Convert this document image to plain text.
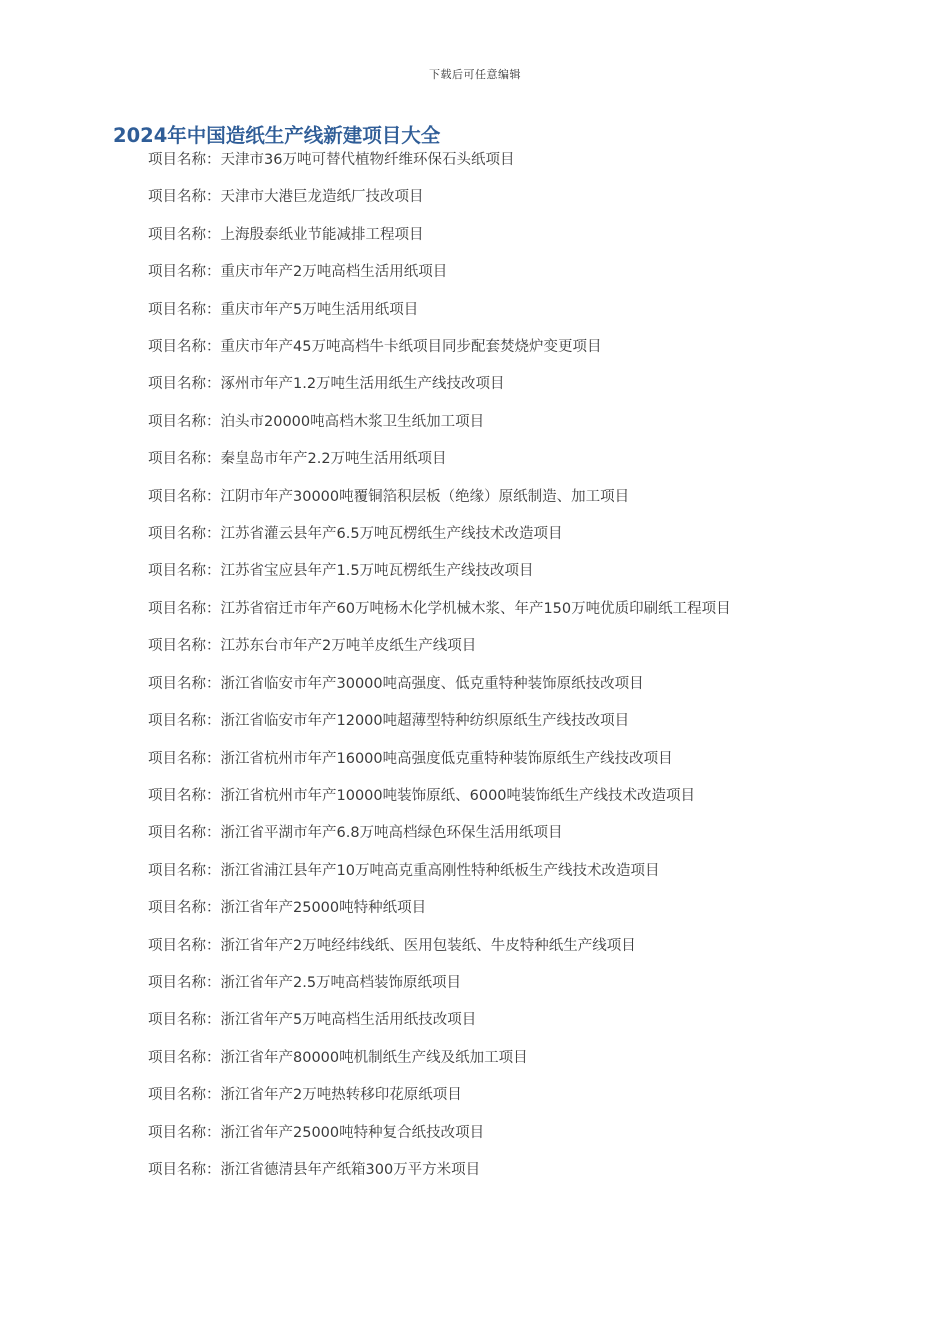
下载后可任意编辑
2024年中国造纸生产线新建项目大全
项目名称：天津市36万吨可替代植物纤维环保石头纸项目
项目名称：天津市大港巨龙造纸厂技改项目
项目名称：上海殷泰纸业节能减排工程项目
项目名称：重庆市年产2万吨高档生活用纸项目
项目名称：重庆市年产5万吨生活用纸项目
项目名称：重庆市年产45万吨高档牛卡纸项目同步配套焚烧炉变更项目
项目名称：涿州市年产1.2万吨生活用纸生产线技改项目
项目名称：泊头市20000吨高档木浆卫生纸加工项目
项目名称：秦皇岛市年产2.2万吨生活用纸项目
项目名称：江阴市年产30000吨覆铜箔积层板（绝缘）原纸制造、加工项目
项目名称：江苏省灌云县年产6.5万吨瓦楞纸生产线技术改造项目
项目名称：江苏省宝应县年产1.5万吨瓦楞纸生产线技改项目
项目名称：江苏省宿迁市年产60万吨杨木化学机械木浆、年产150万吨优质印刷纸工程项目
项目名称：江苏东台市年产2万吨羊皮纸生产线项目
项目名称：浙江省临安市年产30000吨高强度、低克重特种装饰原纸技改项目
项目名称：浙江省临安市年产12000吨超薄型特种纺织原纸生产线技改项目
项目名称：浙江省杭州市年产16000吨高强度低克重特种装饰原纸生产线技改项目
项目名称：浙江省杭州市年产10000吨装饰原纸、6000吨装饰纸生产线技术改造项目
项目名称：浙江省平湖市年产6.8万吨高档绿色环保生活用纸项目
项目名称：浙江省浦江县年产10万吨高克重高刚性特种纸板生产线技术改造项目
项目名称：浙江省年产25000吨特种纸项目
项目名称：浙江省年产2万吨经纬线纸、医用包装纸、牛皮特种纸生产线项目
项目名称：浙江省年产2.5万吨高档装饰原纸项目
项目名称：浙江省年产5万吨高档生活用纸技改项目
项目名称：浙江省年产80000吨机制纸生产线及纸加工项目
项目名称：浙江省年产2万吨热转移印花原纸项目
项目名称：浙江省年产25000吨特种复合纸技改项目
项目名称：浙江省德清县年产纸箱300万平方米项目
